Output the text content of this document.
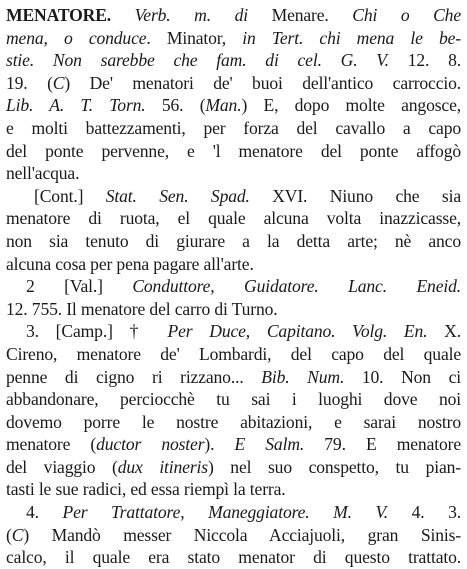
MENATORE. Verb. m. di Menare. Chi o Che
mena, o conduce. Minator, in Tert. chi mena le be-
stie. Non sarebbe che fam. di cel. G. V. 12. 8.
19. (C) De' menatori de' buoi dell'antico carroccio.
Lib. A. T. Torn. 56. (Man.) E, dopo molte angosce,
e molti battezzamenti, per forza del cavallo a capo
del ponte pervenne, e 'l menatore del ponte affogò
nell'acqua.
[Cont.] Stat. Sen. Spad. XVI. Niuno che sia
menatore di ruota, el quale alcuna volta inazzicasse,
non sia tenuto di giurare a la detta arte; nè anco
alcuna cosa per pena pagare all'arte.
2 [Val.] Conduttore, Guidatore. Lanc. Eneid.
12. 755. Il menatore del carro di Turno.
3. [Camp.] † Per Duce, Capitano. Volg. En. X.
Cireno, menatore de' Lombardi, del capo del quale
penne di cigno ri rizzano... Bib. Num. 10. Non ci
abbandonare, perciocchè tu sai i luoghi dove noi
dovemo porre le nostre abitazioni, e sarai nostro
menatore (ductor noster). E Salm. 79. E menatore
del viaggio (dux itineris) nel suo conspetto, tu pian-
tasti le sue radici, ed essa riempì la terra.
4. Per Trattatore, Maneggiatore. M. V. 4. 3.
(C) Mandò messer Niccola Acciajuoli, gran Sinis-
calco, il quale era stato menator di questo trattato.
